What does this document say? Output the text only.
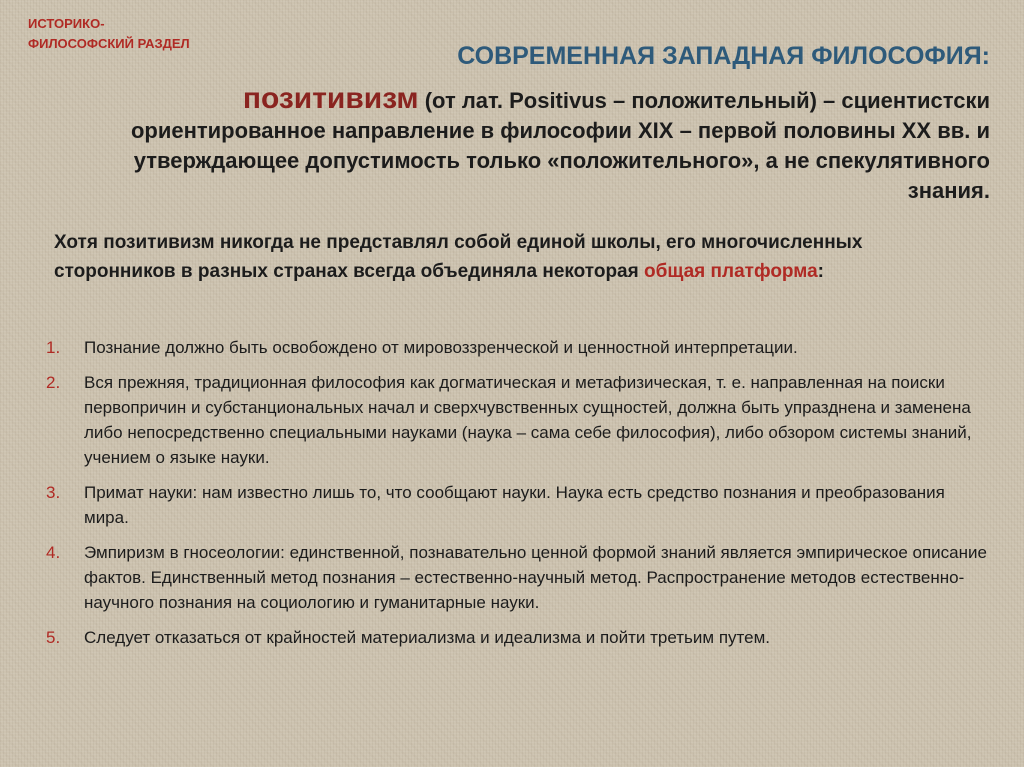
ИСТОРИКО-
ФИЛОСОФСКИЙ РАЗДЕЛ	СОВРЕМЕННАЯ ЗАПАДНАЯ ФИЛОСОФИЯ:

позитивизм (от лат. Positivus – положительный) – сциентистски ориентированное направление в философии XIX – первой половины XX вв. и утверждающее допустимость только «положительного», а не спекулятивного знания.

Хотя позитивизм никогда не представлял собой единой школы, его многочисленных сторонников в разных странах всегда объединяла некоторая общая платформа:

1.	Познание должно быть освобождено от мировоззренческой и ценностной интерпретации.
2.	Вся прежняя, традиционная философия как догматическая и метафизическая, т. е. направленная на поиски первопричин и субстанциональных начал и сверхчувственных сущностей, должна быть упразднена и заменена либо непосредственно специальными науками (наука – сама себе философия), либо обзором системы знаний, учением о языке науки.
3.	Примат науки: нам известно лишь то, что сообщают науки. Наука есть средство познания и преобразования мира.
4.	Эмпиризм в гносеологии: единственной, познавательно ценной формой знаний является эмпирическое описание фактов. Единственный метод познания – естественно-научный метод. Распространение методов естественно-научного познания на социологию и гуманитарные науки.
5.	Следует отказаться от крайностей материализма и идеализма и пойти третьим путем.
